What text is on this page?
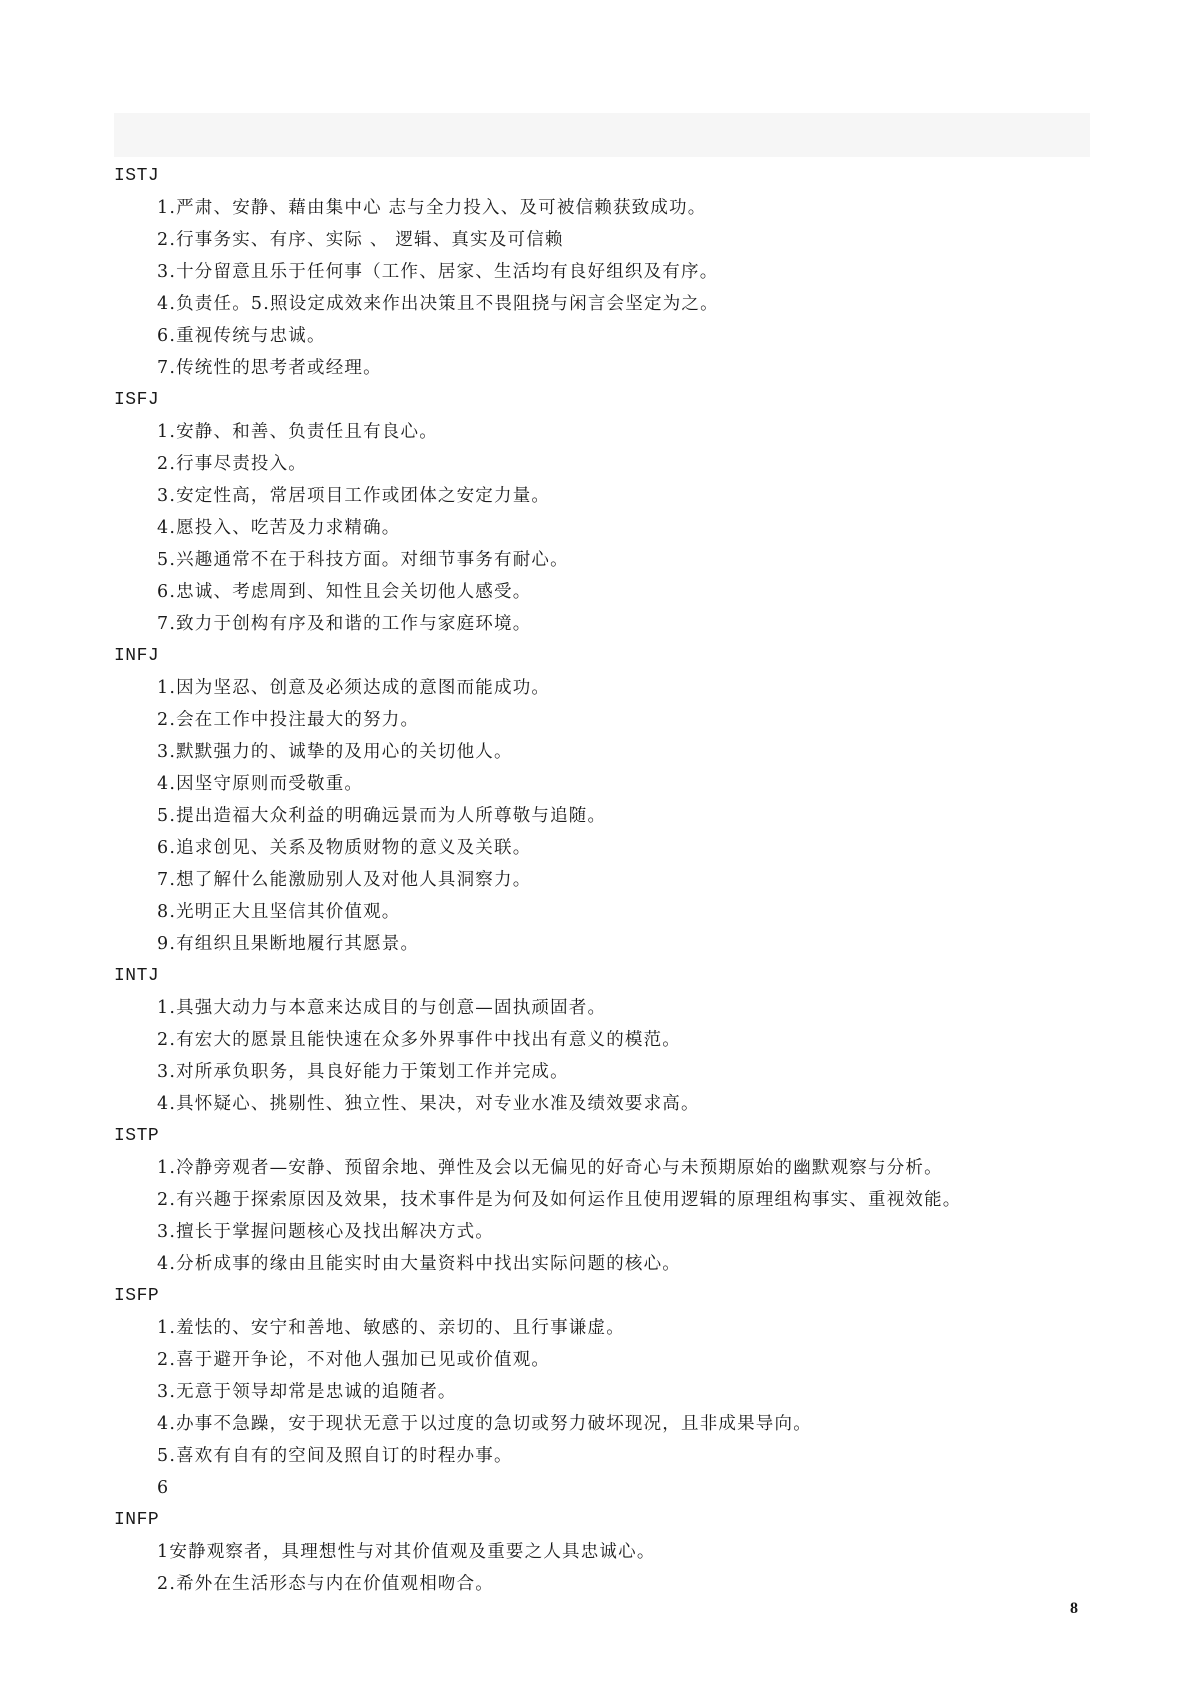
ISTJ
1.严肃、安静、藉由集中心 志与全力投入、及可被信赖获致成功。
2.行事务实、有序、实际 、 逻辑、真实及可信赖
3.十分留意且乐于任何事（工作、居家、生活均有良好组织及有序。
4.负责任。5.照设定成效来作出决策且不畏阻挠与闲言会坚定为之。
6.重视传统与忠诚。
7.传统性的思考者或经理。
ISFJ
1.安静、和善、负责任且有良心。
2.行事尽责投入。
3.安定性高，常居项目工作或团体之安定力量。
4.愿投入、吃苦及力求精确。
5.兴趣通常不在于科技方面。对细节事务有耐心。
6.忠诚、考虑周到、知性且会关切他人感受。
7.致力于创构有序及和谐的工作与家庭环境。
INFJ
1.因为坚忍、创意及必须达成的意图而能成功。
2.会在工作中投注最大的努力。
3.默默强力的、诚挚的及用心的关切他人。
4.因坚守原则而受敬重。
5.提出造福大众利益的明确远景而为人所尊敬与追随。
6.追求创见、关系及物质财物的意义及关联。
7.想了解什么能激励别人及对他人具洞察力。
8.光明正大且坚信其价值观。
9.有组织且果断地履行其愿景。
INTJ
1.具强大动力与本意来达成目的与创意—固执顽固者。
2.有宏大的愿景且能快速在众多外界事件中找出有意义的模范。
3.对所承负职务，具良好能力于策划工作并完成。
4.具怀疑心、挑剔性、独立性、果决，对专业水准及绩效要求高。
ISTP
1.冷静旁观者—安静、预留余地、弹性及会以无偏见的好奇心与未预期原始的幽默观察与分析。
2.有兴趣于探索原因及效果，技术事件是为何及如何运作且使用逻辑的原理组构事实、重视效能。
3.擅长于掌握问题核心及找出解决方式。
4.分析成事的缘由且能实时由大量资料中找出实际问题的核心。
ISFP
1.羞怯的、安宁和善地、敏感的、亲切的、且行事谦虚。
2.喜于避开争论，不对他人强加已见或价值观。
3.无意于领导却常是忠诚的追随者。
4.办事不急躁，安于现状无意于以过度的急切或努力破坏现况，且非成果导向。
5.喜欢有自有的空间及照自订的时程办事。
6
INFP
1安静观察者，具理想性与对其价值观及重要之人具忠诚心。
2.希外在生活形态与内在价值观相吻合。
8
